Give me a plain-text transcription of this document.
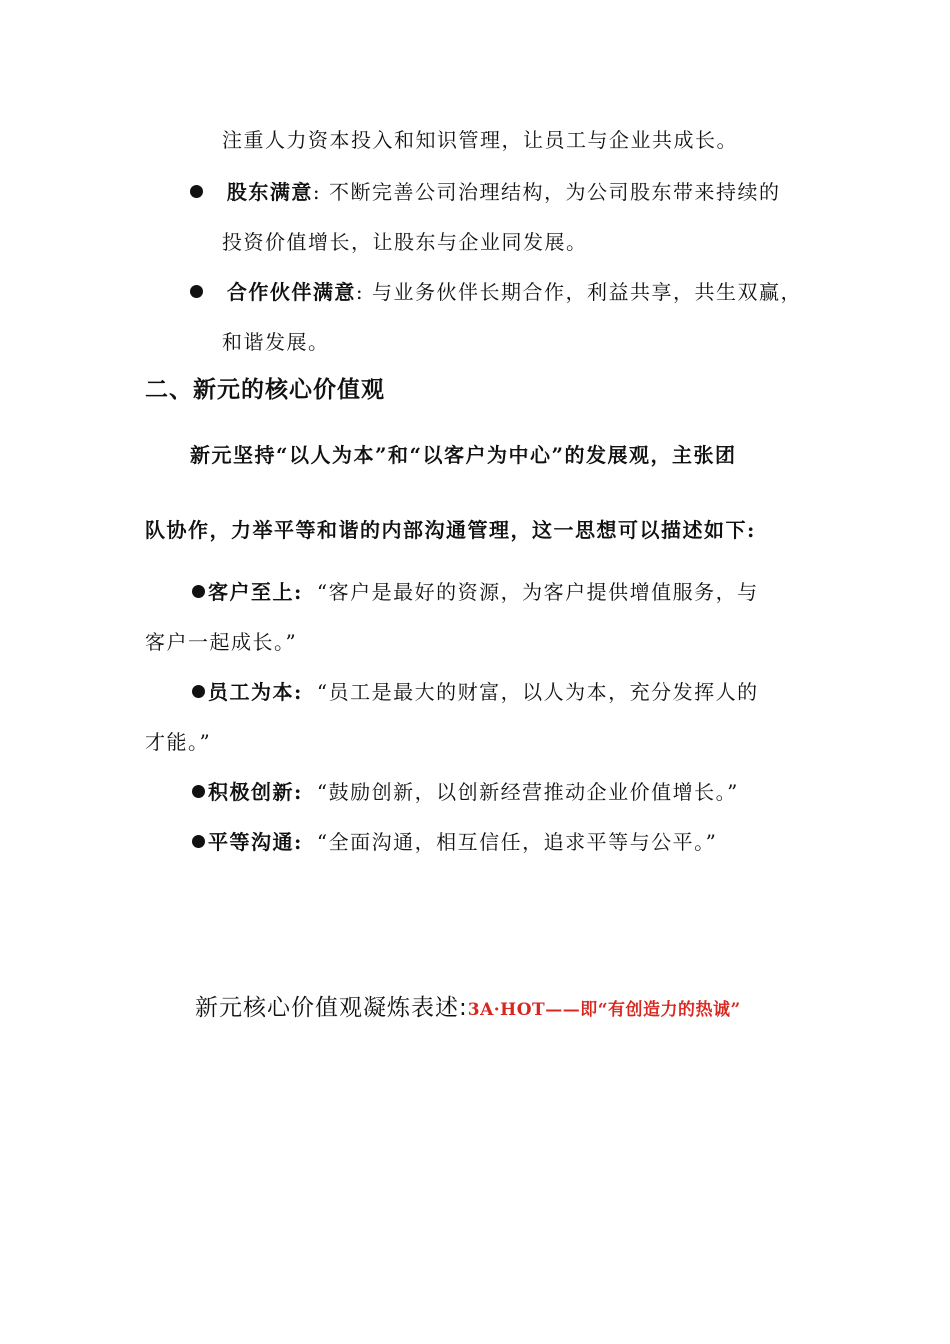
注重人力资本投入和知识管理，让员工与企业共成长。
股东满意: 不断完善公司治理结构，为公司股东带来持续的
投资价值增长，让股东与企业同发展。
合作伙伴满意: 与业务伙伴长期合作，利益共享，共生双赢，
和谐发展。
二、新元的核心价值观
新元坚持“以人为本”和“以客户为中心”的发展观，主张团
队协作，力举平等和谐的内部沟通管理，这一思想可以描述如下:
客户至上: “客户是最好的资源，为客户提供增值服务，与
客户一起成长。”
员工为本: “员工是最大的财富，以人为本，充分发挥人的
才能。”
积极创新: “鼓励创新，以创新经营推动企业价值增长。”
平等沟通: “全面沟通，相互信任，追求平等与公平。”
新元核心价值观凝炼表述:3A·HOT——即“有创造力的热诚”
